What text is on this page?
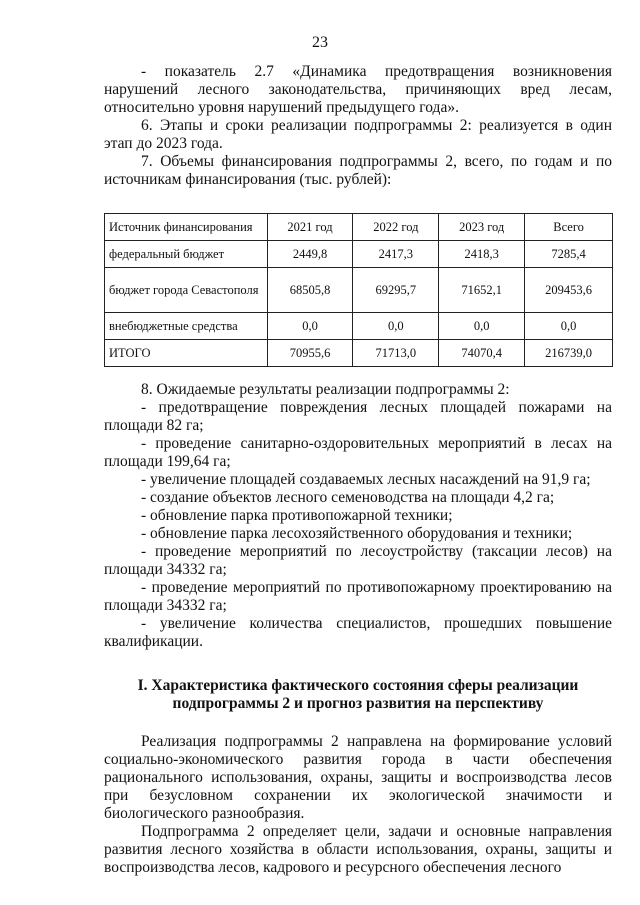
23

- показатель 2.7 «Динамика предотвращения возникновения нарушений лесного законодательства, причиняющих вред лесам, относительно уровня нарушений предыдущего года».

6. Этапы и сроки реализации подпрограммы 2: реализуется в один этап до 2023 года.

7. Объемы финансирования подпрограммы 2, всего, по годам и по источникам финансирования (тыс. рублей):

Источник финансирования	2021 год	2022 год	2023 год	Всего
федеральный бюджет	2449,8	2417,3	2418,3	7285,4
бюджет города Севастополя	68505,8	69295,7	71652,1	209453,6
внебюджетные средства	0,0	0,0	0,0	0,0
ИТОГО	70955,6	71713,0	74070,4	216739,0

8. Ожидаемые результаты реализации подпрограммы 2:

- предотвращение повреждения лесных площадей пожарами на площади 82 га;

- проведение санитарно-оздоровительных мероприятий в лесах на площади 199,64 га;

- увеличение площадей создаваемых лесных насаждений на 91,9 га;

- создание объектов лесного семеноводства на площади 4,2 га;

- обновление парка противопожарной техники;

- обновление парка лесохозяйственного оборудования и техники;

- проведение мероприятий по лесоустройству (таксации лесов) на площади 34332 га;

- проведение мероприятий по противопожарному проектированию на площади 34332 га;

- увеличение количества специалистов, прошедших повышение квалификации.

I. Характеристика фактического состояния сферы реализации
подпрограммы 2 и прогноз развития на перспективу

Реализация подпрограммы 2 направлена на формирование условий социально-экономического развития города в части обеспечения рационального использования, охраны, защиты и воспроизводства лесов при безусловном сохранении их экологической значимости и биологического разнообразия.

Подпрограмма 2 определяет цели, задачи и основные направления развития лесного хозяйства в области использования, охраны, защиты и воспроизводства лесов, кадрового и ресурсного обеспечения лесного
